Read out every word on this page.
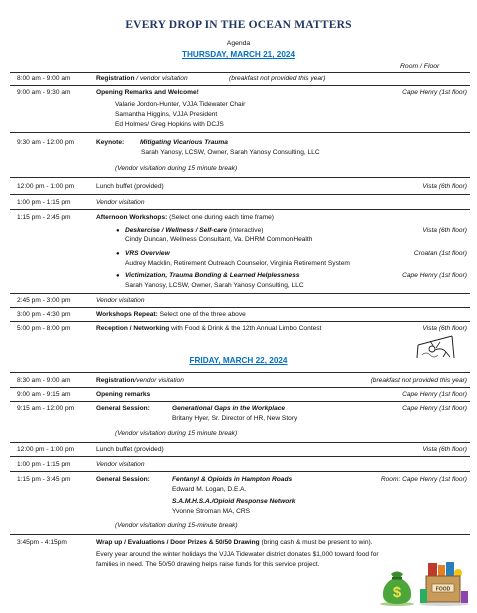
EVERY DROP IN THE OCEAN MATTERS
Agenda
THURSDAY, MARCH 21, 2024
Room / Floor
8:00 am - 9:00 am	Registration / vendor visitation	(breakfast not provided this year)
9:00 am - 9:30 am	Opening Remarks and Welcome!	Cape Henry (1st floor)
Valarie Jordon-Hunter, VJJA Tidewater Chair
Samantha Higgins, VJJA President
Ed Holmes/ Greg Hopkins with DCJS
9:30 am - 12:00 pm	Keynote: Mitigating Vicarious Trauma
Sarah Yanosy, LCSW, Owner, Sarah Yanosy Consulting, LLC
(Vendor visitation during 15 minute break)
12:00 pm - 1:00 pm	Lunch buffet (provided)	Vista (6th floor)
1:00 pm - 1:15 pm	Vendor visitation
1:15 pm - 2:45 pm	Afternoon Workshops: (Select one during each time frame)
● Deskercise / Wellness / Self-care (interactive)	Vista (6th floor)
Cindy Duncan, Wellness Consultant, Va. DHRM CommonHealth
● VRS Overview	Croatan (1st floor)
Audrey Macklin, Retirement Outreach Counselor, Virginia Retirement System
● Victimization, Trauma Bonding & Learned Helplessness	Cape Henry (1st floor)
Sarah Yanosy, LCSW, Owner, Sarah Yanosy Consulting, LLC
2:45 pm - 3:00 pm	Vendor visitation
3:00 pm - 4:30 pm	Workshops Repeat: Select one of the three above
5:00 pm - 8:00 pm	Reception / Networking with Food & Drink & the 12th Annual Limbo Contest	Vista (6th floor)
FRIDAY, MARCH 22, 2024
8:30 am - 9:00 am	Registration/vendor visitation	(breakfast not provided this year)
9:00 am - 9:15 am	Opening remarks	Cape Henry (1st floor)
9:15 am - 12:00 pm	General Session:	Generational Gaps in the Workplace	Cape Henry (1st floor)
Britany Hyer, Sr. Director of HR, New Story
(Vendor visitation during 15 minute break)
12:00 pm - 1:00 pm	Lunch buffet (provided)	Vista (6th floor)
1:00 pm - 1:15 pm	Vendor visitation
1:15 pm - 3:45 pm	General Session:	Fentanyl & Opioids in Hampton Roads	Room: Cape Henry (1st floor)
Edward M. Logan, D.E.A.
S.A.M.H.S.A./Opioid Response Network
Yvonne Stroman MA, CRS
(Vendor visitation during 15-minute break)
3:45pm - 4:15pm	Wrap up / Evaluations / Door Prizes & 50/50 Drawing (bring cash & must be present to win).
Every year around the winter holidays the VJJA Tidewater district donates $1,000 toward food for
families in need. The 50/50 drawing helps raise funds for this service project.
$	FOOD
